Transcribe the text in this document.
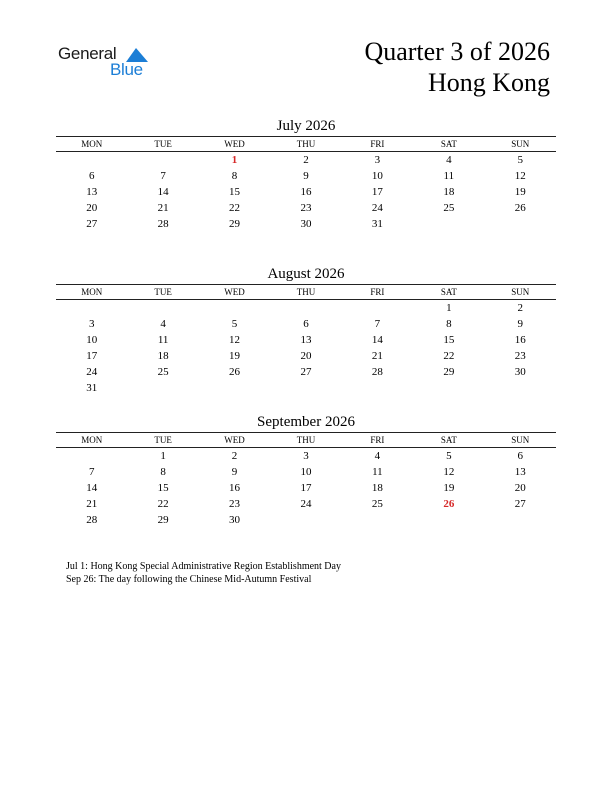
General
Blue
Quarter 3 of 2026
Hong Kong
July 2026
MON	TUE	WED	THU	FRI	SAT	SUN
		1	2	3	4	5
6	7	8	9	10	11	12
13	14	15	16	17	18	19
20	21	22	23	24	25	26
27	28	29	30	31		
August 2026
MON	TUE	WED	THU	FRI	SAT	SUN
					1	2
3	4	5	6	7	8	9
10	11	12	13	14	15	16
17	18	19	20	21	22	23
24	25	26	27	28	29	30
31						
September 2026
MON	TUE	WED	THU	FRI	SAT	SUN
	1	2	3	4	5	6
7	8	9	10	11	12	13
14	15	16	17	18	19	20
21	22	23	24	25	26	27
28	29	30				
Jul 1: Hong Kong Special Administrative Region Establishment Day
Sep 26: The day following the Chinese Mid-Autumn Festival
